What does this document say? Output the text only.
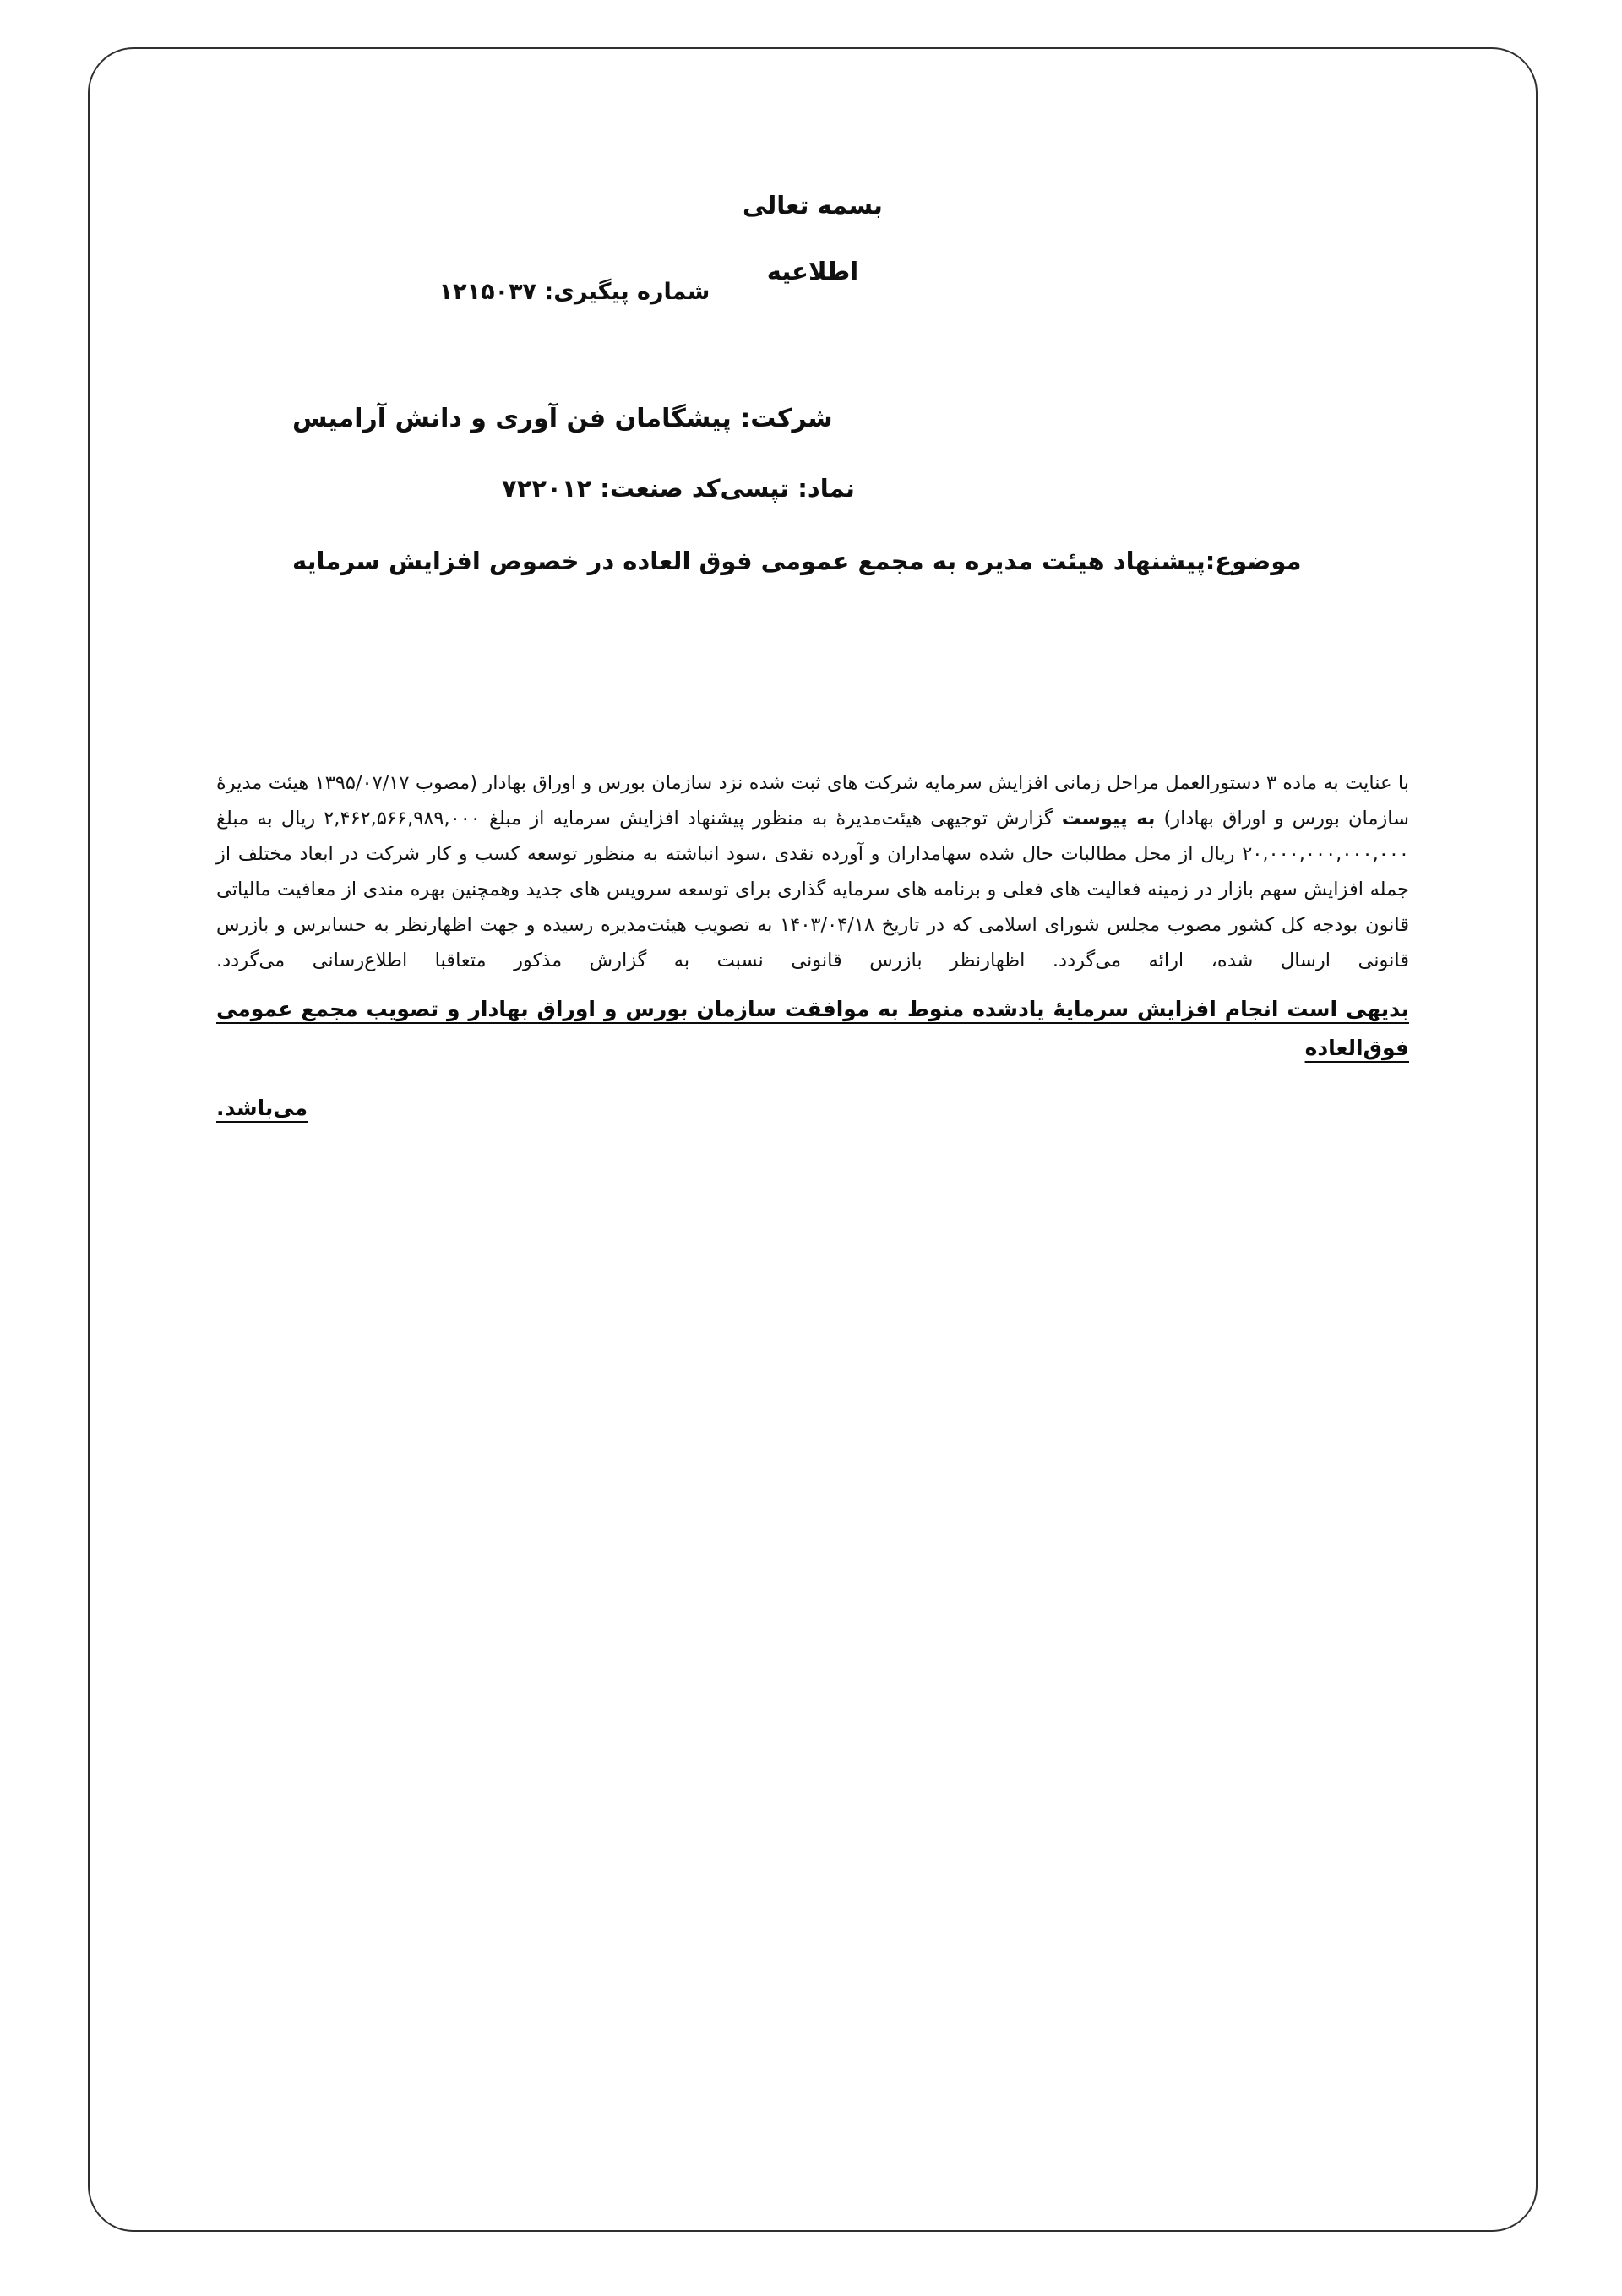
بسمه تعالی
اطلاعیه
شماره پیگیری: ۱۲۱۵۰۳۷
شرکت: پیشگامان فن آوری و دانش آرامیس
نماد: تپسی
کد صنعت: ۷۲۲۰۱۲
موضوع:پیشنهاد هیئت مدیره به مجمع عمومی فوق العاده در خصوص افزایش سرمایه

با عنایت به ماده ۳ دستورالعمل مراحل زمانی افزایش سرمایه شرکت های ثبت شده نزد سازمان بورس و اوراق بهادار (مصوب ۱۳۹۵/۰۷/۱۷ هیئت مدیرهٔ سازمان بورس و اوراق بهادار) به پیوست گزارش توجیهی هیئت‌مدیرهٔ به منظور پیشنهاد افزایش سرمایه از مبلغ ۲,۴۶۲,۵۶۶,۹۸۹,۰۰۰ ریال به مبلغ ۲۰,۰۰۰,۰۰۰,۰۰۰,۰۰۰ ریال از محل مطالبات حال شده سهامداران و آورده نقدی ،سود انباشته به منظور توسعه کسب و کار شرکت در ابعاد مختلف از جمله افزایش سهم بازار در زمینه فعالیت های فعلی و برنامه های سرمایه گذاری برای توسعه سرویس های جدید وهمچنین بهره مندی از معافیت مالیاتی قانون بودجه کل کشور مصوب مجلس شورای اسلامی که در تاریخ ۱۴۰۳/۰۴/۱۸ به تصویب هیئت‌مدیره رسیده و جهت اظهارنظر به حسابرس و بازرس قانونی ارسال شده، ارائه می‌گردد. اظهارنظر بازرس قانونی نسبت به گزارش مذکور متعاقبا اطلاع‌رسانی می‌گردد.

بدیهی است انجام افزایش سرمایهٔ یادشده منوط به موافقت سازمان بورس و اوراق بهادار و تصویب مجمع عمومی فوق‌العاده

می‌باشد.
